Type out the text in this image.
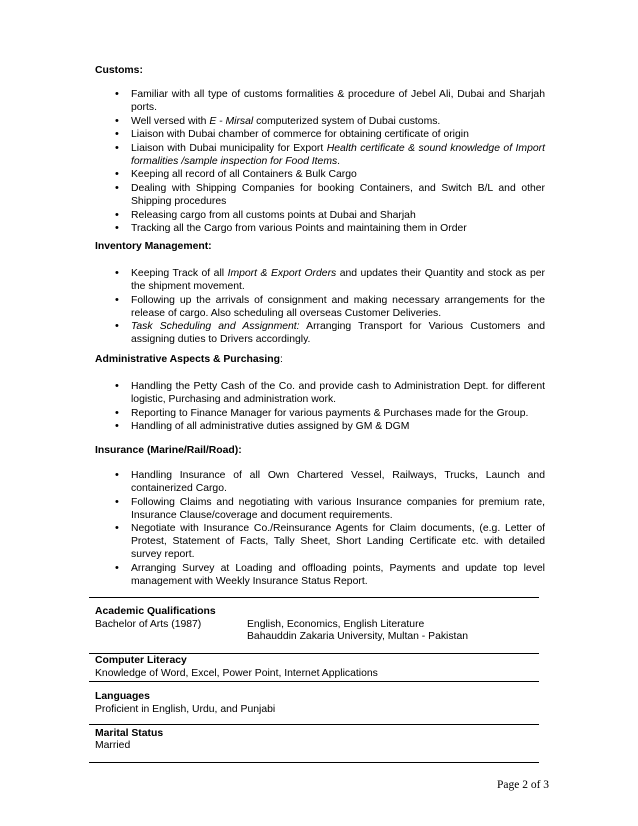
Customs:
• Familiar with all type of customs formalities & procedure of Jebel Ali, Dubai and Sharjah ports.
• Well versed with E - Mirsal computerized system of Dubai customs.
• Liaison with Dubai chamber of commerce for obtaining certificate of origin
• Liaison with Dubai municipality for Export Health certificate & sound knowledge of Import formalities /sample inspection for Food Items.
• Keeping all record of all Containers & Bulk Cargo
• Dealing with Shipping Companies for booking Containers, and Switch B/L and other Shipping procedures
• Releasing cargo from all customs points at Dubai and Sharjah
• Tracking all the Cargo from various Points and maintaining them in Order
Inventory Management:
• Keeping Track of all Import & Export Orders and updates their Quantity and stock as per the shipment movement.
• Following up the arrivals of consignment and making necessary arrangements for the release of cargo. Also scheduling all overseas Customer Deliveries.
• Task Scheduling and Assignment: Arranging Transport for Various Customers and assigning duties to Drivers accordingly.
Administrative Aspects & Purchasing:
• Handling the Petty Cash of the Co. and provide cash to Administration Dept. for different logistic, Purchasing and administration work.
• Reporting to Finance Manager for various payments & Purchases made for the Group.
• Handling of all administrative duties assigned by GM & DGM
Insurance (Marine/Rail/Road):
• Handling Insurance of all Own Chartered Vessel, Railways, Trucks, Launch and containerized Cargo.
• Following Claims and negotiating with various Insurance companies for premium rate, Insurance Clause/coverage and document requirements.
• Negotiate with Insurance Co./Reinsurance Agents for Claim documents, (e.g. Letter of Protest, Statement of Facts, Tally Sheet, Short Landing Certificate etc. with detailed survey report.
• Arranging Survey at Loading and offloading points, Payments and update top level management with Weekly Insurance Status Report.
Academic Qualifications
Bachelor of Arts (1987)	English, Economics, English Literature
Bahauddin Zakaria University, Multan - Pakistan
Computer Literacy
Knowledge of Word, Excel, Power Point, Internet Applications
Languages
Proficient in English, Urdu, and Punjabi
Marital Status
Married
Page 2 of 3
